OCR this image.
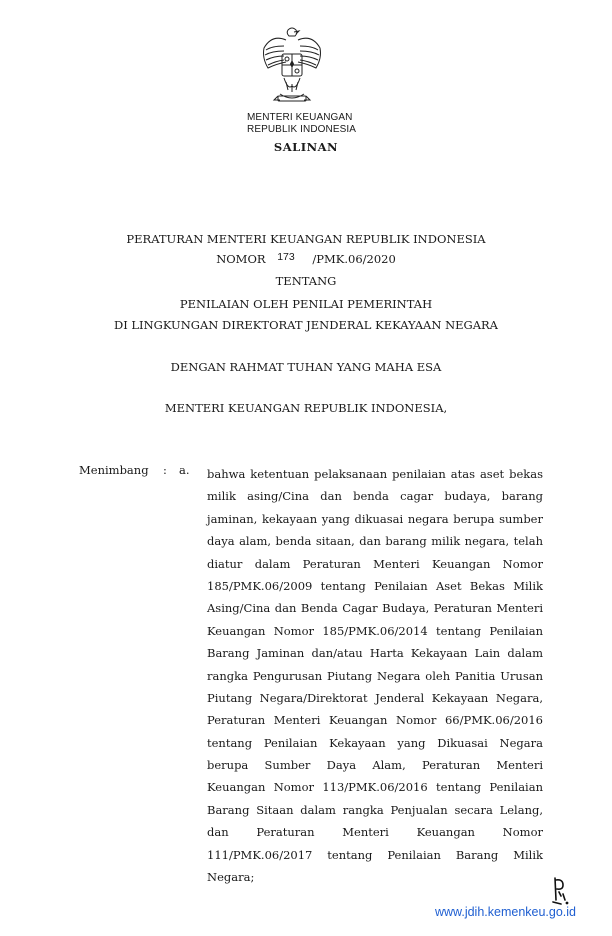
MENTERI KEUANGAN
REPUBLIK INDONESIA
SALINAN
PERATURAN MENTERI KEUANGAN REPUBLIK INDONESIA
NOMOR 173 /PMK.06/2020
TENTANG
PENILAIAN OLEH PENILAI PEMERINTAH
DI LINGKUNGAN DIREKTORAT JENDERAL KEKAYAAN NEGARA
DENGAN RAHMAT TUHAN YANG MAHA ESA
MENTERI KEUANGAN REPUBLIK INDONESIA,
Menimbang : a. bahwa ketentuan pelaksanaan penilaian atas aset bekas
milik asing/Cina dan benda cagar budaya, barang
jaminan, kekayaan yang dikuasai negara berupa sumber
daya alam, benda sitaan, dan barang milik negara, telah
diatur dalam Peraturan Menteri Keuangan Nomor
185/PMK.06/2009 tentang Penilaian Aset Bekas Milik
Asing/Cina dan Benda Cagar Budaya, Peraturan Menteri
Keuangan Nomor 185/PMK.06/2014 tentang Penilaian
Barang Jaminan dan/atau Harta Kekayaan Lain dalam
rangka Pengurusan Piutang Negara oleh Panitia Urusan
Piutang Negara/Direktorat Jenderal Kekayaan Negara,
Peraturan Menteri Keuangan Nomor 66/PMK.06/2016
tentang Penilaian Kekayaan yang Dikuasai Negara
berupa Sumber Daya Alam, Peraturan Menteri
Keuangan Nomor 113/PMK.06/2016 tentang Penilaian
Barang Sitaan dalam rangka Penjualan secara Lelang,
dan Peraturan Menteri Keuangan Nomor
111/PMK.06/2017 tentang Penilaian Barang Milik
Negara;
www.jdih.kemenkeu.go.id
